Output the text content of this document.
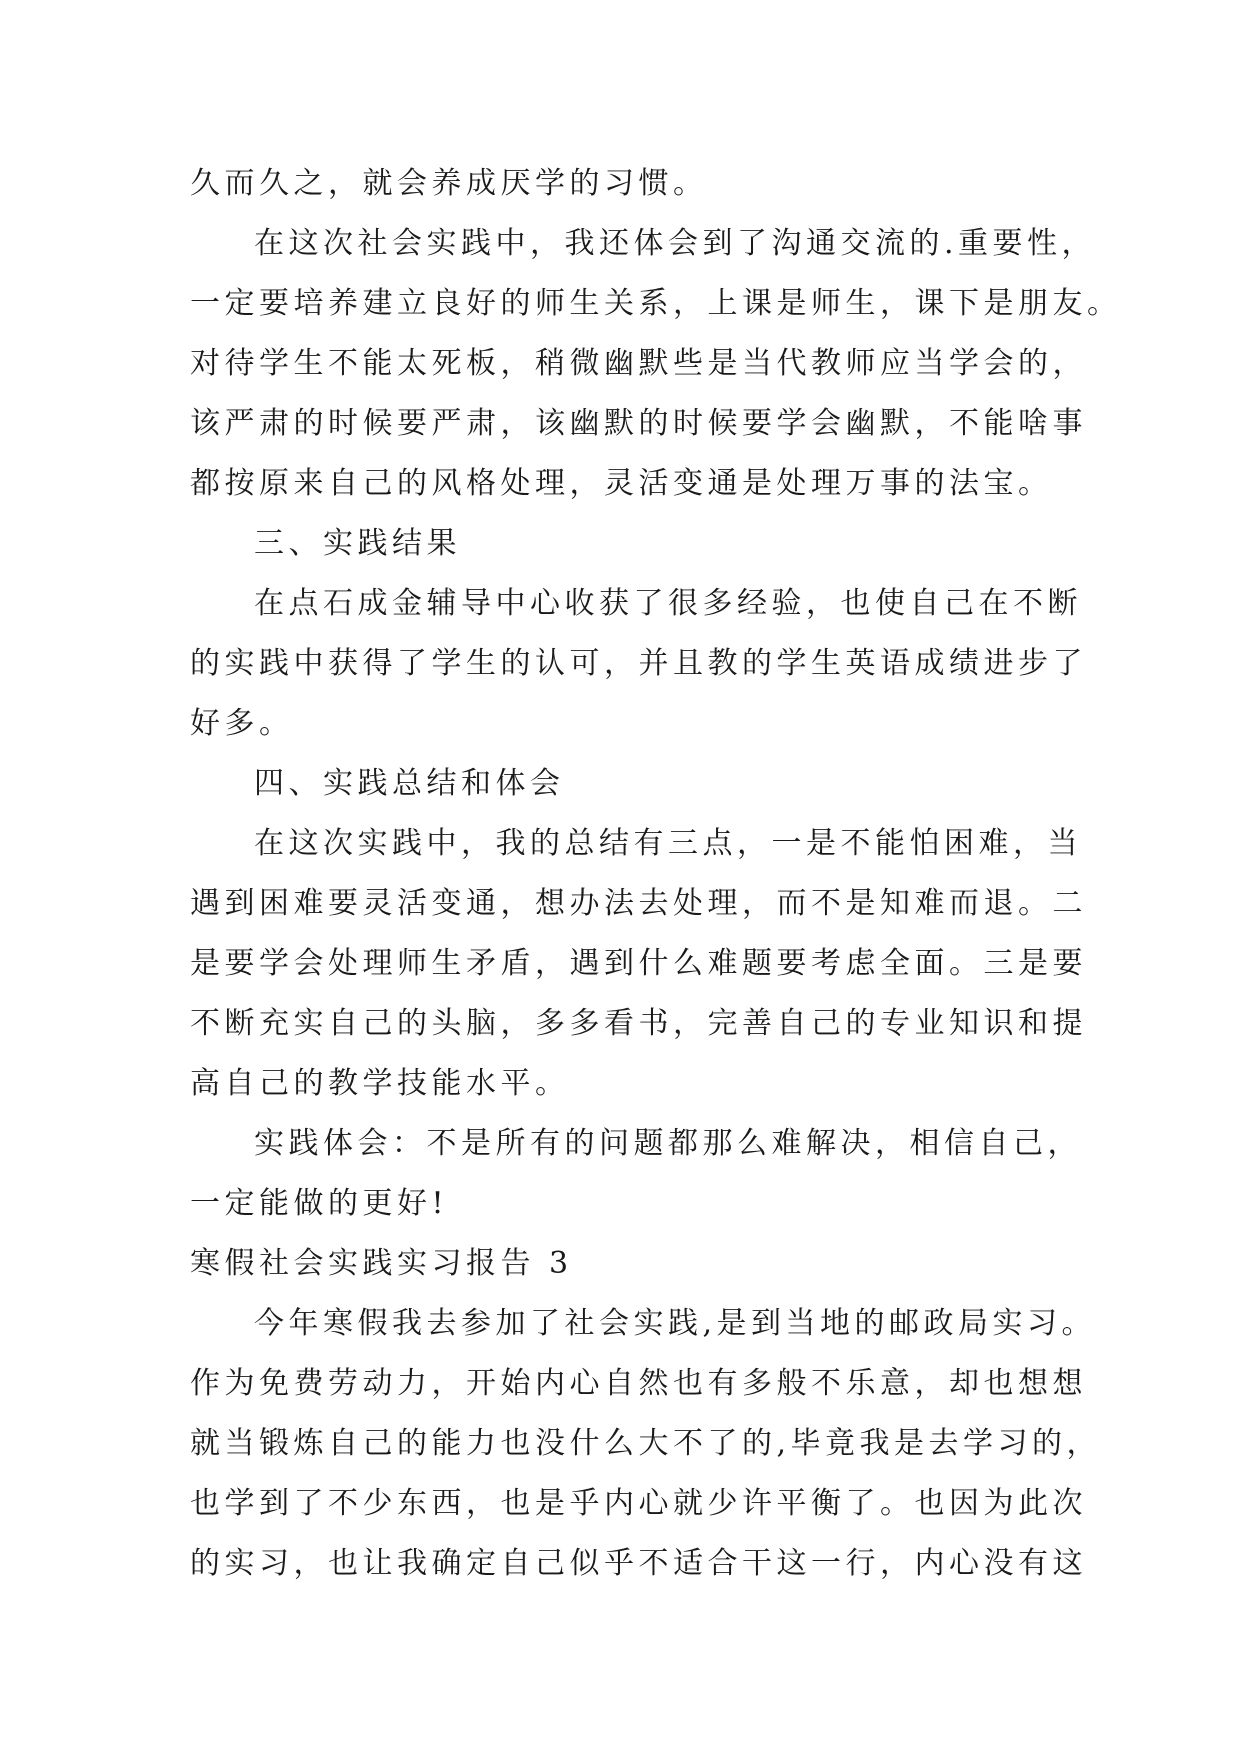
久而久之，就会养成厌学的习惯。
在这次社会实践中，我还体会到了沟通交流的.重要性，
一定要培养建立良好的师生关系，上课是师生，课下是朋友。
对待学生不能太死板，稍微幽默些是当代教师应当学会的，
该严肃的时候要严肃，该幽默的时候要学会幽默，不能啥事
都按原来自己的风格处理，灵活变通是处理万事的法宝。
三、实践结果
在点石成金辅导中心收获了很多经验，也使自己在不断
的实践中获得了学生的认可，并且教的学生英语成绩进步了
好多。
四、实践总结和体会
在这次实践中，我的总结有三点，一是不能怕困难，当
遇到困难要灵活变通，想办法去处理，而不是知难而退。二
是要学会处理师生矛盾，遇到什么难题要考虑全面。三是要
不断充实自己的头脑，多多看书，完善自己的专业知识和提
高自己的教学技能水平。
实践体会：不是所有的问题都那么难解决，相信自己，
一定能做的更好!
寒假社会实践实习报告 3
今年寒假我去参加了社会实践,是到当地的邮政局实习。
作为免费劳动力，开始内心自然也有多般不乐意，却也想想
就当锻炼自己的能力也没什么大不了的,毕竟我是去学习的，
也学到了不少东西，也是乎内心就少许平衡了。也因为此次
的实习，也让我确定自己似乎不适合干这一行，内心没有这
